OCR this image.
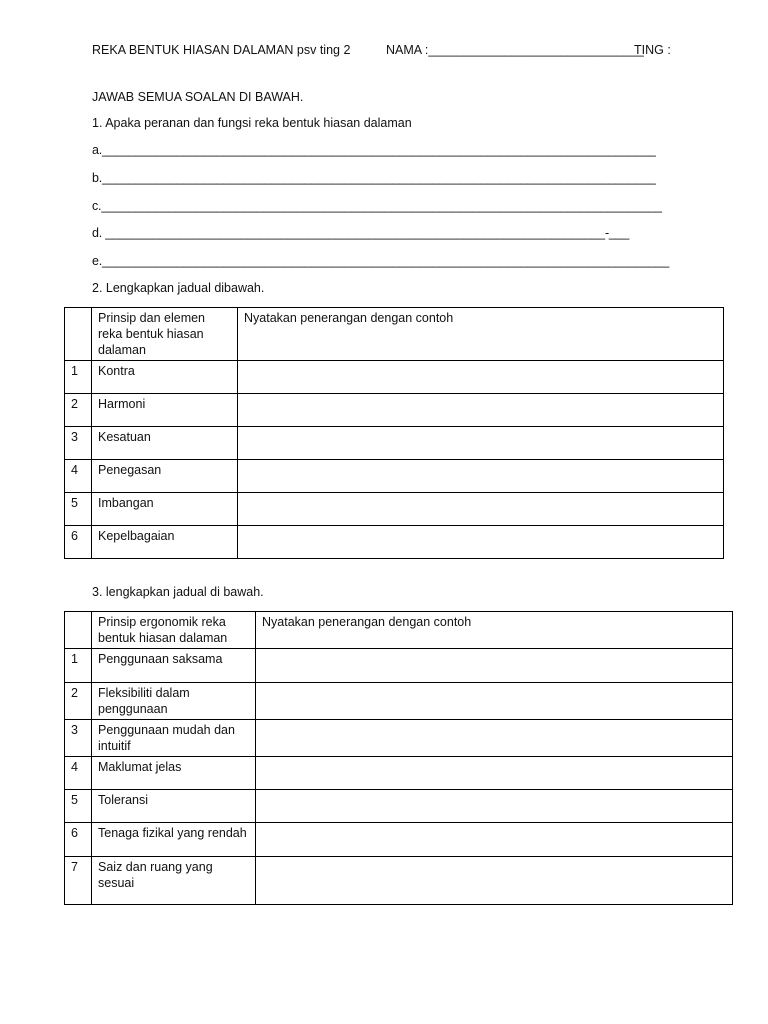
REKA BENTUK HIASAN DALAMAN psv ting 2	NAMA :_______________________________
TING :
JAWAB SEMUA SOALAN DI BAWAH.
1. Apaka peranan dan fungsi reka bentuk hiasan dalaman
a.__________________________________________________________________________________
b.__________________________________________________________________________________
c.___________________________________________________________________________________
d. __________________________________________________________________________-___
e.____________________________________________________________________________________
2. Lengkapkan jadual dibawah.
	Prinsip dan elemen reka bentuk hiasan dalaman	Nyatakan penerangan dengan contoh
1	Kontra	
2	Harmoni	
3	Kesatuan	
4	Penegasan	
5	Imbangan	
6	Kepelbagaian	
3. lengkapkan jadual di bawah.
	Prinsip ergonomik reka bentuk hiasan dalaman	Nyatakan penerangan dengan contoh
1	Penggunaan saksama	
2	Fleksibiliti dalam penggunaan	
3	Penggunaan mudah dan intuitif	
4	Maklumat jelas	
5	Toleransi	
6	Tenaga fizikal yang rendah	
7	Saiz dan ruang yang sesuai	
